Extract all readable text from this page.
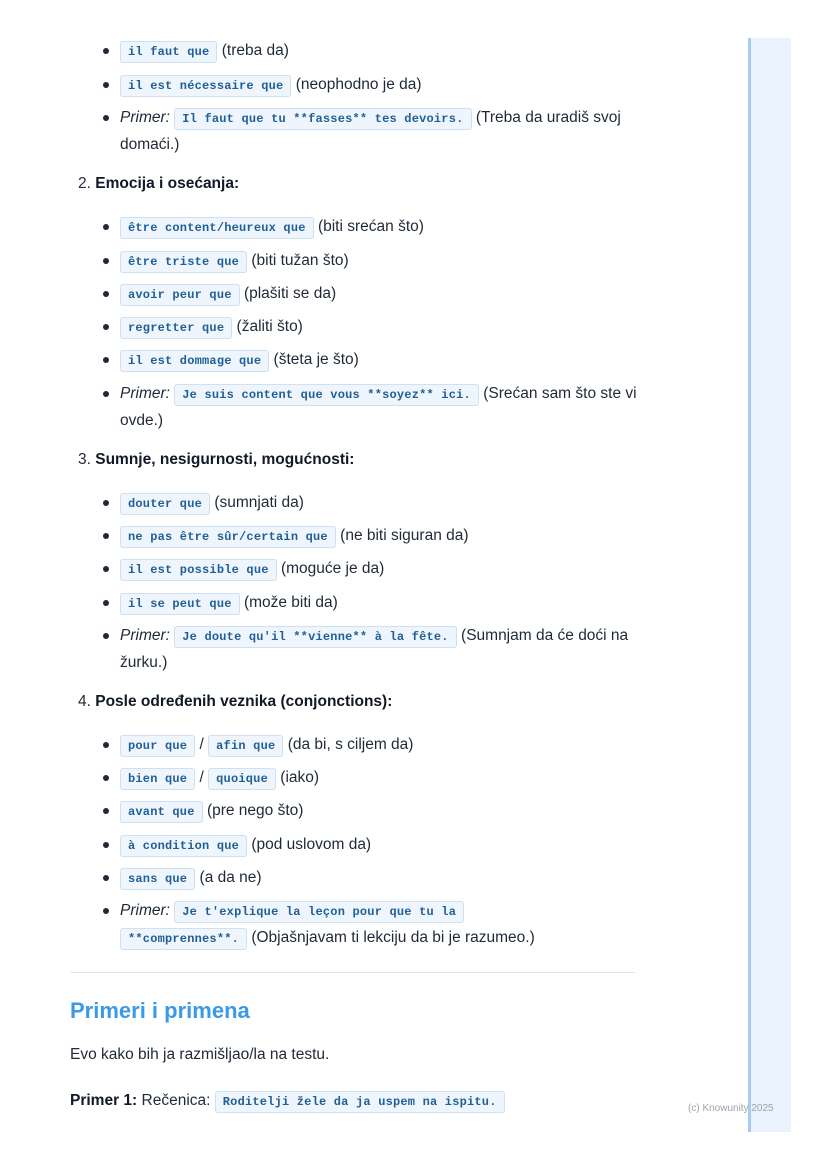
(c) Knowunity 2025
il faut que (treba da)
il est nécessaire que (neophodno je da)
Primer: Il faut que tu **fasses** tes devoirs. (Treba da uradiš svoj domaći.)
2. Emocija i osećanja:
être content/heureux que (biti srećan što)
être triste que (biti tužan što)
avoir peur que (plašiti se da)
regretter que (žaliti što)
il est dommage que (šteta je što)
Primer: Je suis content que vous **soyez** ici. (Srećan sam što ste vi ovde.)
3. Sumnje, nesigurnosti, mogućnosti:
douter que (sumnjati da)
ne pas être sûr/certain que (ne biti siguran da)
il est possible que (moguće je da)
il se peut que (može biti da)
Primer: Je doute qu'il **vienne** à la fête. (Sumnjam da će doći na žurku.)
4. Posle određenih veznika (conjonctions):
pour que / afin que (da bi, s ciljem da)
bien que / quoique (iako)
avant que (pre nego što)
à condition que (pod uslovom da)
sans que (a da ne)
Primer: Je t'explique la leçon pour que tu la
**comprennes**. (Objašnjavam ti lekciju da bi je razumeo.)
Primeri i primena
Evo kako bih ja razmišljao/la na testu.
Primer 1: Rečenica: Roditelji žele da ja uspem na ispitu.
